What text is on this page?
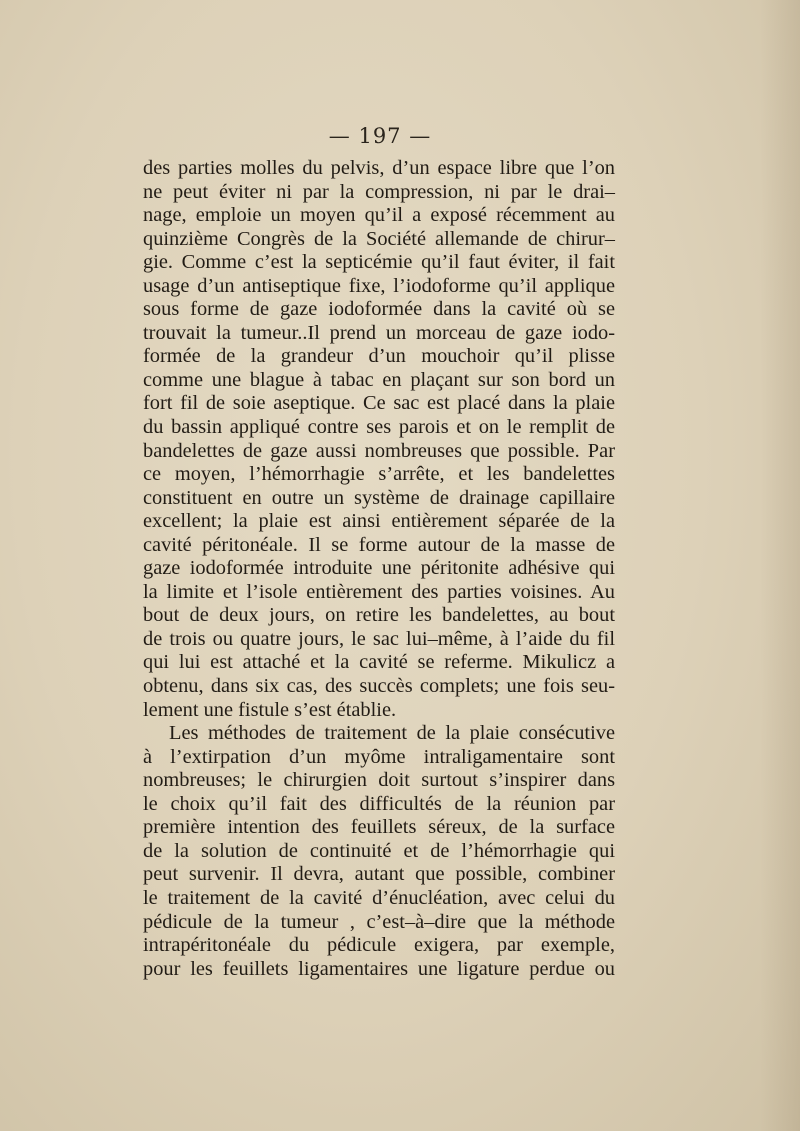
— 197 —
des parties molles du pelvis, d’un espace libre que l’on
ne peut éviter ni par la compression, ni par le drai–
nage, emploie un moyen qu’il a exposé récemment au
quinzième Congrès de la Société allemande de chirur–
gie. Comme c’est la septicémie qu’il faut éviter, il fait
usage d’un antiseptique fixe, l’iodoforme qu’il applique
sous forme de gaze iodoformée dans la cavité où se
trouvait la tumeur..Il prend un morceau de gaze iodo-
formée de la grandeur d’un mouchoir qu’il plisse
comme une blague à tabac en plaçant sur son bord un
fort fil de soie aseptique. Ce sac est placé dans la plaie
du bassin appliqué contre ses parois et on le remplit de
bandelettes de gaze aussi nombreuses que possible. Par
ce moyen, l’hémorrhagie s’arrête, et les bandelettes
constituent en outre un système de drainage capillaire
excellent; la plaie est ainsi entièrement séparée de la
cavité péritonéale. Il se forme autour de la masse de
gaze iodoformée introduite une péritonite adhésive qui
la limite et l’isole entièrement des parties voisines. Au
bout de deux jours, on retire les bandelettes, au bout
de trois ou quatre jours, le sac lui–même, à l’aide du fil
qui lui est attaché et la cavité se referme. Mikulicz a
obtenu, dans six cas, des succès complets; une fois seu-
lement une fistule s’est établie.
Les méthodes de traitement de la plaie consécutive
à l’extirpation d’un myôme intraligamentaire sont
nombreuses; le chirurgien doit surtout s’inspirer dans
le choix qu’il fait des difficultés de la réunion par
première intention des feuillets séreux, de la surface
de la solution de continuité et de l’hémorrhagie qui
peut survenir. Il devra, autant que possible, combiner
le traitement de la cavité d’énucléation, avec celui du
pédicule de la tumeur , c’est–à–dire que la méthode
intrapéritonéale du pédicule exigera, par exemple,
pour les feuillets ligamentaires une ligature perdue ou
